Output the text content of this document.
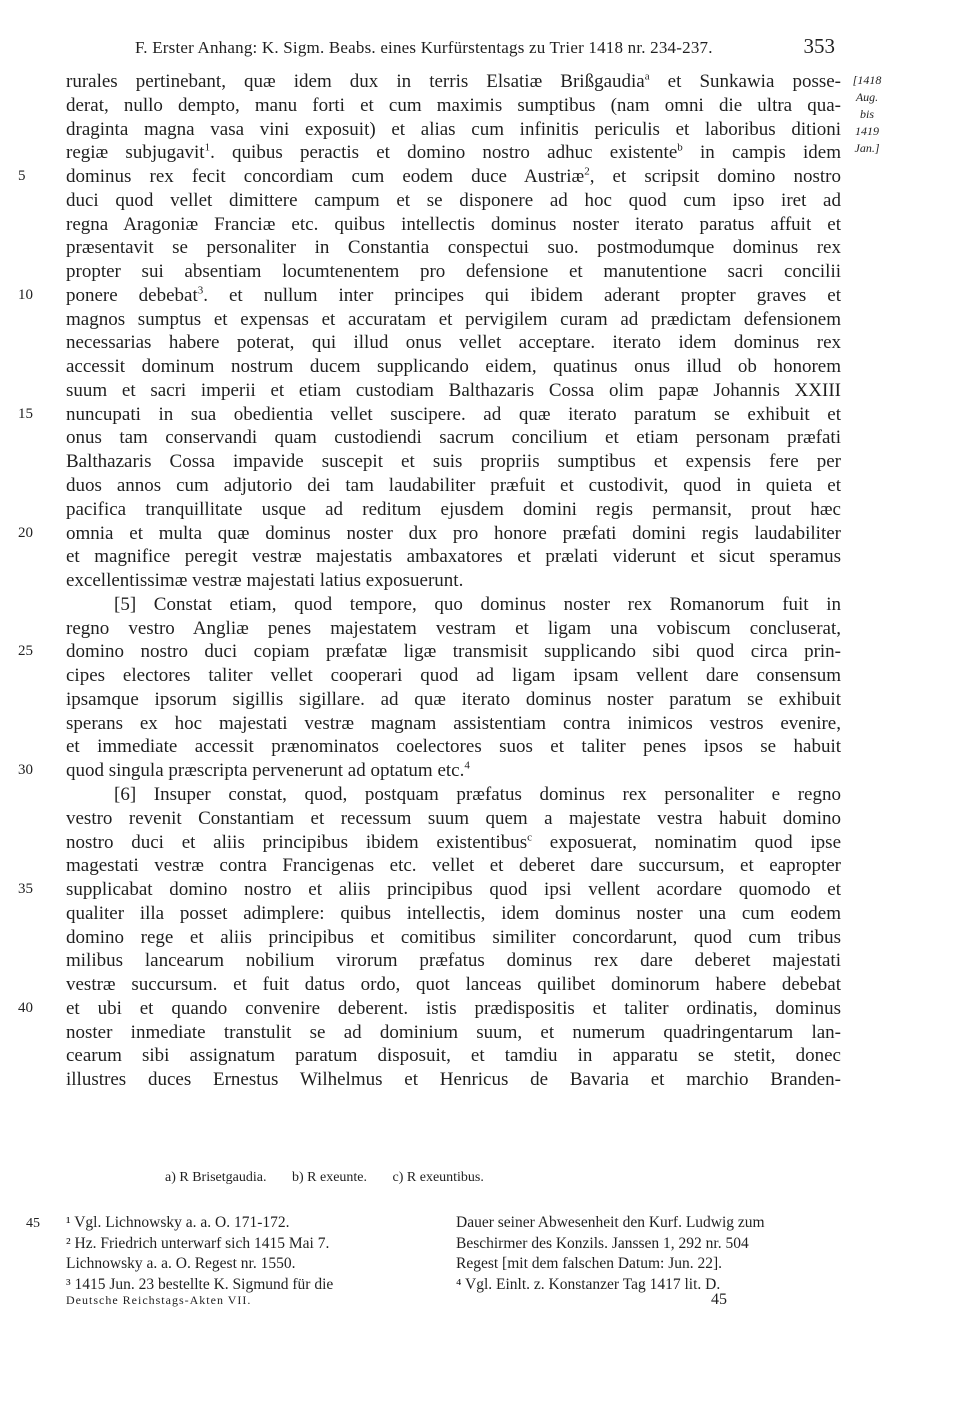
F. Erster Anhang: K. Sigm. Beabs. eines Kurfürstentags zu Trier 1418 nr. 234-237.	353
[1418
Aug.
bis
1419
Jan.]
rurales pertinebant, quæ idem dux in terris Elsatiæ Brißgaudia$^a$ et Sunkawia posse-
derat, nullo dempto, manu forti et cum maximis sumptibus (nam omni die ultra qua-
draginta magna vasa vini exposuit) et alias cum infinitis periculis et laboribus ditioni
regiæ subjugavit$^1$. quibus peractis et domino nostro adhuc existente$^b$ in campis idem
5	dominus rex fecit concordiam cum eodem duce Austriæ$^2$, et scripsit domino nostro
duci quod vellet dimittere campum et se disponere ad hoc quod cum ipso iret ad
regna Aragoniæ Franciæ etc. quibus intellectis dominus noster iterato paratus affuit et
præsentavit se personaliter in Constantia conspectui suo. postmodumque dominus rex
propter sui absentiam locumtenentem pro defensione et manutentione sacri concilii
10	ponere debebat$^3$. et nullum inter principes qui ibidem aderant propter graves et
magnos sumptus et expensas et accuratam et pervigilem curam ad prædictam defensionem
necessarias habere poterat, qui illud onus vellet acceptare. iterato idem dominus rex
accessit dominum nostrum ducem supplicando eidem, quatinus onus illud ob honorem
suum et sacri imperii et etiam custodiam Balthazaris Cossa olim papæ Johannis XXIII
15	nuncupati in sua obedientia vellet suscipere. ad quæ iterato paratum se exhibuit et
onus tam conservandi quam custodiendi sacrum concilium et etiam personam præfati
Balthazaris Cossa impavide suscepit et suis propriis sumptibus et expensis fere per
duos annos cum adjutorio dei tam laudabiliter præfuit et custodivit, quod in quieta et
pacifica tranquillitate usque ad reditum ejusdem domini regis permansit, prout hæc
20	omnia et multa quæ dominus noster dux pro honore præfati domini regis laudabiliter
et magnifice peregit vestræ majestatis ambaxatores et prælati viderunt et sicut speramus
excellentissimæ vestræ majestati latius exposuerunt.
[5] Constat etiam, quod tempore, quo dominus noster rex Romanorum fuit in
regno vestro Angliæ penes majestatem vestram et ligam una vobiscum concluserat,
25	domino nostro duci copiam præfatæ ligæ transmisit supplicando sibi quod circa prin-
cipes electores taliter vellet cooperari quod ad ligam ipsam vellent dare consensum
ipsamque ipsorum sigillis sigillare. ad quæ iterato dominus noster paratum se exhibuit
sperans ex hoc majestati vestræ magnam assistentiam contra inimicos vestros evenire,
et immediate accessit prænominatos coelectores suos et taliter penes ipsos se habuit
30	quod singula præscripta pervenerunt ad optatum etc.$^4$
[6] Insuper constat, quod, postquam præfatus dominus rex personaliter e regno
vestro revenit Constantiam et recessum suum quem a majestate vestra habuit domino
nostro duci et aliis principibus ibidem existentibus$^c$ exposuerat, nominatim quod ipse
magestati vestræ contra Francigenas etc. vellet et deberet dare succursum, et eapropter
35	supplicabat domino nostro et aliis principibus quod ipsi vellent acordare quomodo et
qualiter illa posset adimplere: quibus intellectis, idem dominus noster una cum eodem
domino rege et aliis principibus et comitibus similiter concordarunt, quod cum tribus
milibus lancearum nobilium virorum præfatus dominus rex dare deberet majestati
vestræ succursum. et fuit datus ordo, quot lanceas quilibet dominorum habere debebat
40	et ubi et quando convenire deberent. istis prædispositis et taliter ordinatis, dominus
noster inmediate transtulit se ad dominium suum, et numerum quadringentarum lan-
cearum sibi assignatum paratum disposuit, et tamdiu in apparatu se stetit, donec
illustres duces Ernestus Wilhelmus et Henricus de Bavaria et marchio Branden-
a) R Brisetgaudia. b) R exeunte. c) R exeuntibus.
45 ¹ Vgl. Lichnowsky a. a. O. 171-172.
² Hz. Friedrich unterwarf sich 1415 Mai 7.
Lichnowsky a. a. O. Regest nr. 1550.
³ 1415 Jun. 23 bestellte K. Sigmund für die
Dauer seiner Abwesenheit den Kurf. Ludwig zum
Beschirmer des Konzils. Janssen 1, 292 nr. 504
Regest [mit dem falschen Datum: Jun. 22].
⁴ Vgl. Einlt. z. Konstanzer Tag 1417 lit. D.
Deutsche Reichstags-Akten VII.	45
